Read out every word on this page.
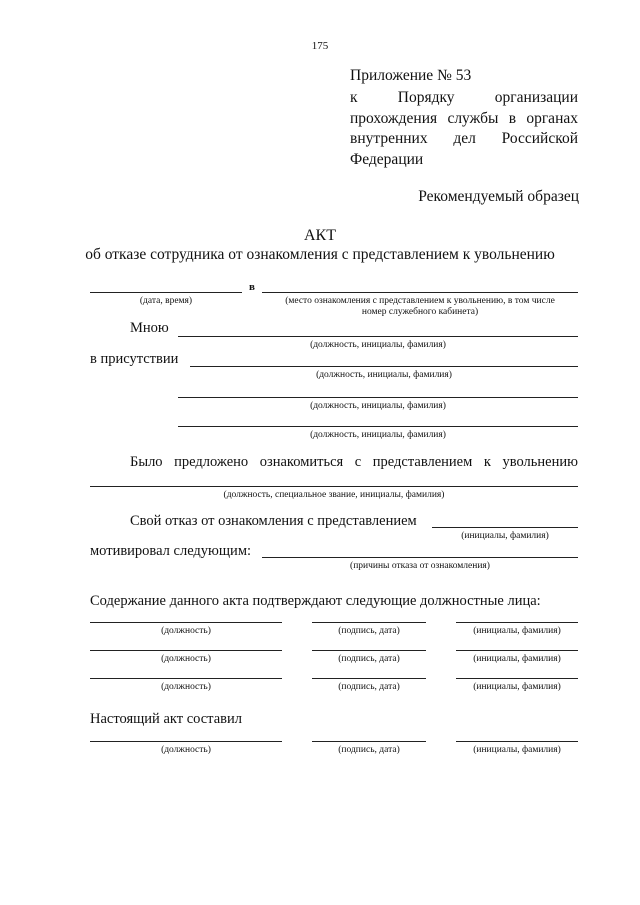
175
Приложение № 53
к	Порядку	организации
прохождения службы в органах
внутренних дел Российской
Федерации
Рекомендуемый образец
АКТ
об отказе сотрудника от ознакомления с представлением к увольнению
в
(дата, время)	(место ознакомления с представлением к увольнению, в том числе
номер служебного кабинета)
Мною
(должность, инициалы, фамилия)
в присутствии
(должность, инициалы, фамилия)
(должность, инициалы, фамилия)
(должность, инициалы, фамилия)
Было предложено ознакомиться с представлением к увольнению
(должность, специальное звание, инициалы, фамилия)
Свой отказ от ознакомления с представлением
(инициалы, фамилия)
мотивировал следующим:
(причины отказа от ознакомления)
Содержание данного акта подтверждают следующие должностные лица:
(должность)	(подпись, дата)	(инициалы, фамилия)
(должность)	(подпись, дата)	(инициалы, фамилия)
(должность)	(подпись, дата)	(инициалы, фамилия)
Настоящий акт составил
(должность)	(подпись, дата)	(инициалы, фамилия)
